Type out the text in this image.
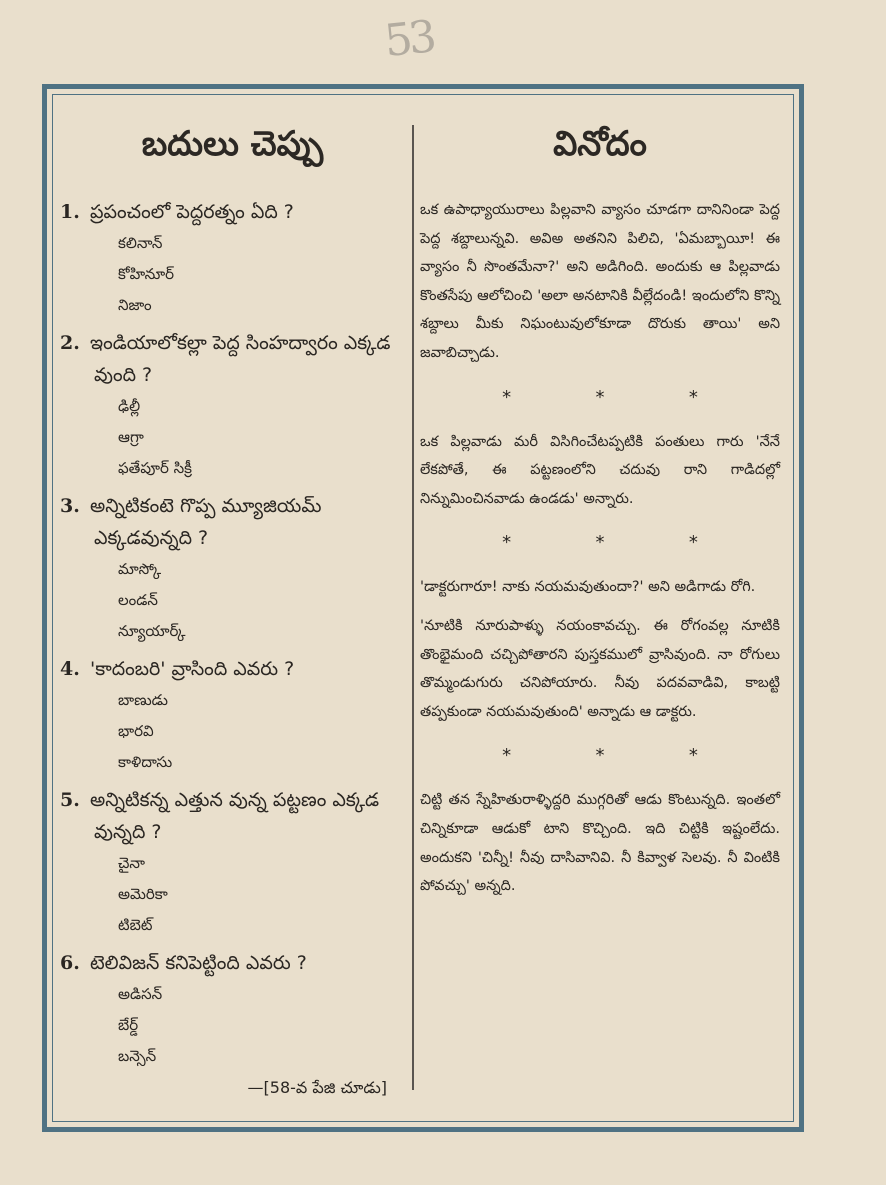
53
బదులు చెప్పు
1. ప్రపంచంలో పెద్దరత్నం ఏది ?
కలినాన్
కోహినూర్
నిజాం
2. ఇండియాలోకల్లా పెద్ద సింహద్వారం ఎక్కడ వుంది ?
ఢిల్లీ
ఆగ్రా
ఫతేపూర్ సిక్రీ
3. అన్నిటికంటె గొప్ప మ్యూజియమ్ ఎక్కడవున్నది ?
మాస్కో
లండన్
న్యూయార్క్
4. 'కాదంబరి' వ్రాసింది ఎవరు ?
బాణుడు
భారవి
కాళిదాసు
5. అన్నిటికన్న ఎత్తున వున్న పట్టణం ఎక్కడ వున్నది ?
చైనా
అమెరికా
టిబెట్
6. టెలివిజన్ కనిపెట్టింది ఎవరు ?
అడిసన్
బేర్డ్
బన్సెన్
—[58-వ పేజి చూడు]
వినోదం

ఒక ఉపాధ్యాయురాలు పిల్లవాని వ్యాసం చూడగా దానినిండా పెద్ద పెద్ద శబ్దాలున్నవి. అవిఅ అతనిని పిలిచి, 'ఏమబ్బాయీ! ఈ వ్యాసం నీ సొంతమేనా?' అని అడిగింది. అందుకు ఆ పిల్లవాడు కొంతసేపు ఆలోచించి 'అలా అనటానికి వీల్లేదండి! ఇందులోని కొన్ని శబ్దాలు మీకు నిఘంటువులోకూడా దొరుకు తాయి' అని జవాబిచ్చాడు.

*	*	*

ఒక పిల్లవాడు మరీ విసిగించేటప్పటికి పంతులు గారు 'నేనే లేకపోతే, ఈ పట్టణంలోని చదువు రాని గాడిదల్లో నిన్నుమించినవాడు ఉండడు' అన్నారు.

*	*	*

'డాక్టరుగారూ! నాకు నయమవుతుందా?' అని అడిగాడు రోగి.

'నూటికి నూరుపాళ్ళు నయంకావచ్చు. ఈ రోగంవల్ల నూటికి తొంభైమంది చచ్చిపోతారని పుస్తకములో వ్రాసివుంది. నా రోగులు తొమ్మండుగురు చనిపోయారు. నీవు పదవవాడివి, కాబట్టి తప్పకుండా నయమవుతుంది' అన్నాడు ఆ డాక్టరు.

*	*	*

చిట్టి తన స్నేహితురాళ్ళిద్దరి ముగ్గరితో ఆడు కొంటున్నది. ఇంతలో చిన్నికూడా ఆడుకో టాని కొచ్చింది. ఇది చిట్టికి ఇష్టంలేదు. అందుకని 'చిన్నీ! నీవు దాసివానివి. నీ కివ్వాళ సెలవు. నీ వింటికి పోవచ్చు' అన్నది.
